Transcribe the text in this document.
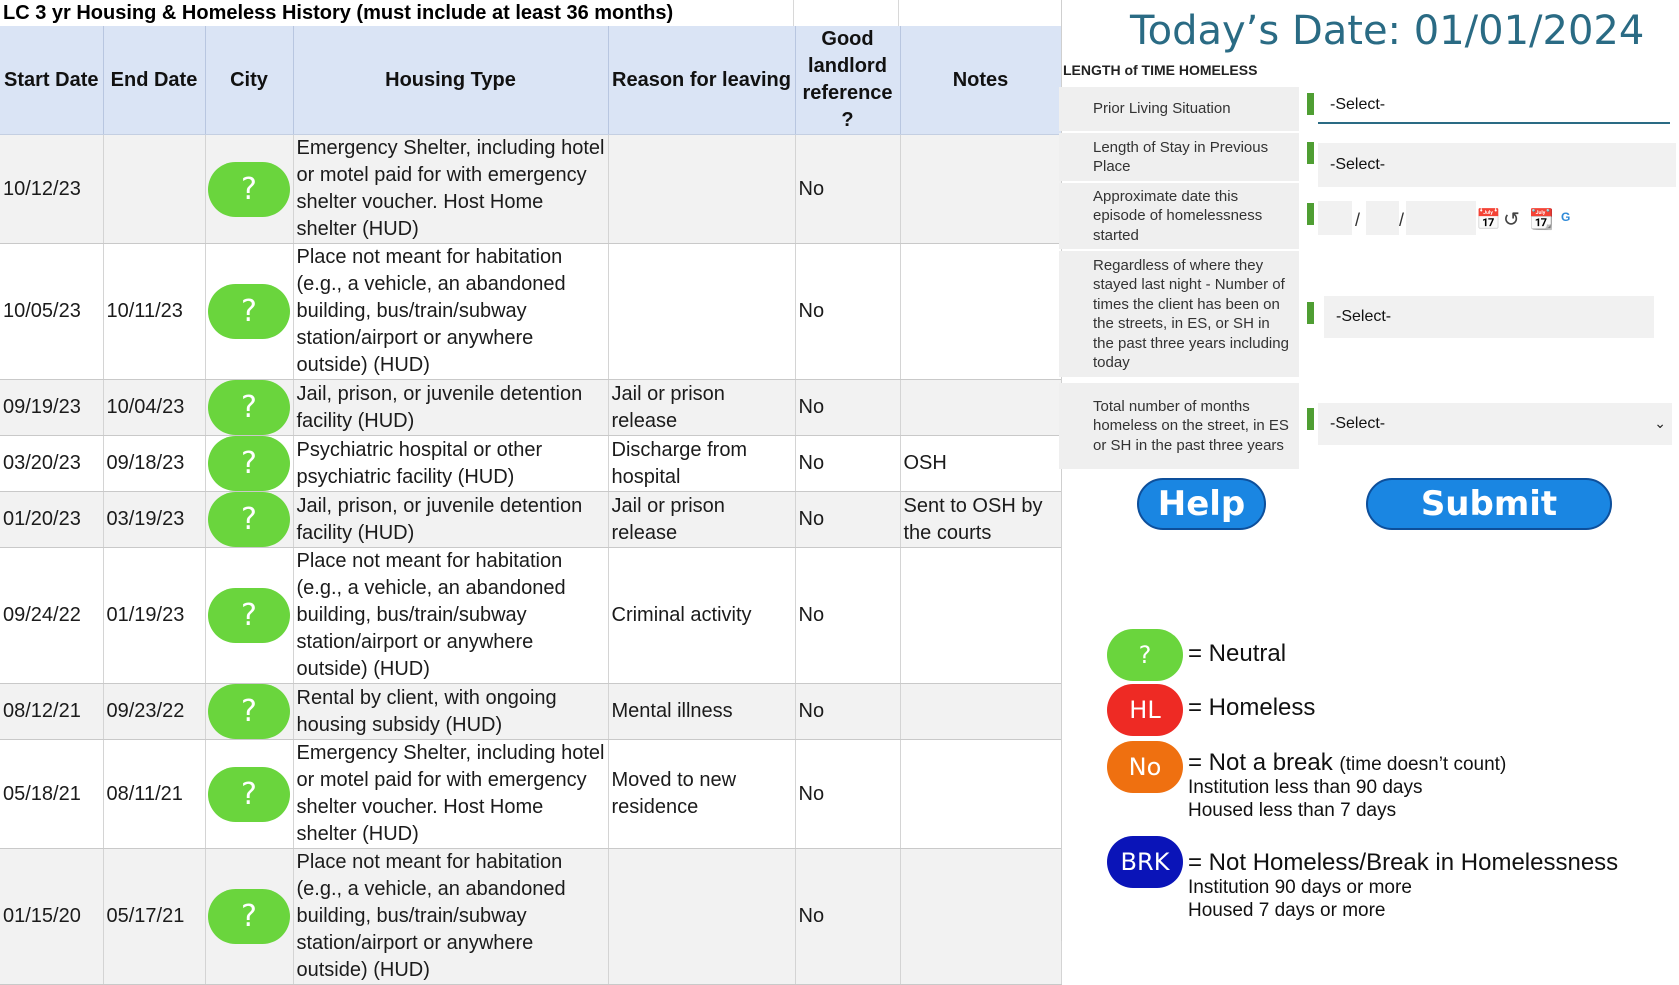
LC 3 yr Housing & Homeless History (must include at least 36 months)
Start Date	End Date	City	Housing Type	Reason for leaving	Good landlord reference ?	Notes
10/12/23		?	Emergency Shelter, including hotel or motel paid for with emergency shelter voucher. Host Home shelter (HUD)		No	
10/05/23	10/11/23	?	Place not meant for habitation (e.g., a vehicle, an abandoned building, bus/train/subway station/airport or anywhere outside) (HUD)		No	
09/19/23	10/04/23	?	Jail, prison, or juvenile detention facility (HUD)	Jail or prison release	No	
03/20/23	09/18/23	?	Psychiatric hospital or other psychiatric facility (HUD)	Discharge from hospital	No	OSH
01/20/23	03/19/23	?	Jail, prison, or juvenile detention facility (HUD)	Jail or prison release	No	Sent to OSH by the courts
09/24/22	01/19/23	?	Place not meant for habitation (e.g., a vehicle, an abandoned building, bus/train/subway station/airport or anywhere outside) (HUD)	Criminal activity	No	
08/12/21	09/23/22	?	Rental by client, with ongoing housing subsidy (HUD)	Mental illness	No	
05/18/21	08/11/21	?	Emergency Shelter, including hotel or motel paid for with emergency shelter voucher. Host Home shelter (HUD)	Moved to new residence	No	
01/15/20	05/17/21	?	Place not meant for habitation (e.g., a vehicle, an abandoned building, bus/train/subway station/airport or anywhere outside) (HUD)		No	
Today’s Date: 01/01/2024
LENGTH of TIME HOMELESS
Prior Living Situation	-Select-
Length of Stay in Previous Place	-Select-
Approximate date this episode of homelessness started
/ /	📅 ↺ 📆 G
Regardless of where they stayed last night - Number of times the client has been on the streets, in ES, or SH in the past three years including today
-Select-
Total number of months homeless on the street, in ES or SH in the past three years
-Select-	⌄
Help	Submit
?	= Neutral
HL	= Homeless
No	= Not a break (time doesn’t count)
Institution less than 90 days
Housed less than 7 days
BRK = Not Homeless/Break in Homelessness
Institution 90 days or more
Housed 7 days or more
